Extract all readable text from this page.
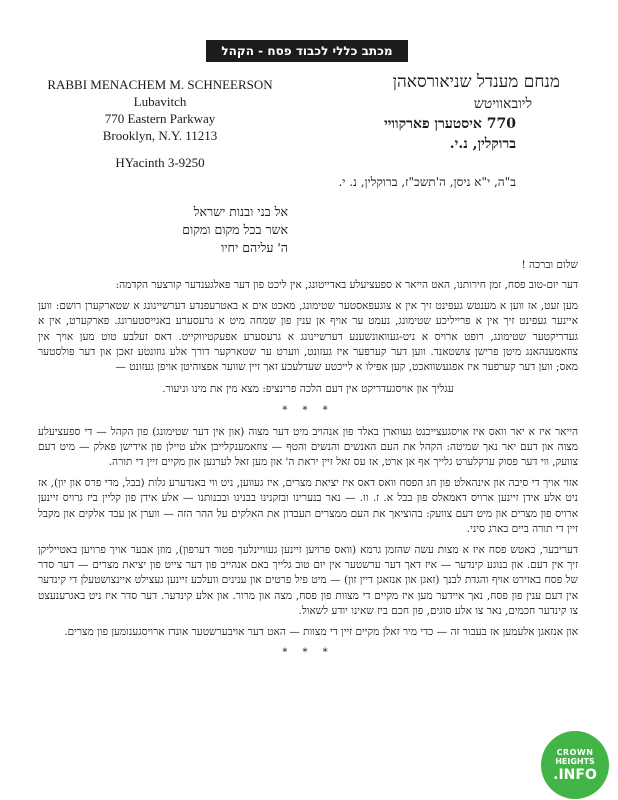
מכתב כללי לכבוד פסח - הקהל
RABBI MENACHEM M. SCHNEERSON
Lubavitch
770 Eastern Parkway
Brooklyn, N.Y. 11213
HYacinth 3-9250
מנחם מענדל שניאורסאהן
ליובאוויטש
770 איסטערן פארקוויי
ברוקלין, נ.י.
ב"ה, י"א ניסן, ה'תשכ"ז, ברוקלין, נ. י.
אל בני ובנות ישראל
אשר בכל מקום ומקום
ה' עליהם יחיו

שלום וברכה !

דער יום-טוב פסח, זמן חירותנו, האט הייאר א ספעציעלע באדייטונג, אין ליכט פון דער פאלגענדער קורצער הקדמה:

מען זעט, אז ווען א מענטש געפינט זיך אין א צוגעפאסטער שטימונג, מאכט אים א באטרעפנדע דערשיינונג א שטארקערן רושם: ווען איינער געפינט זיך אין א פרייליכע שטימונג, נעמט ער אויף אן ענין פון שמחה מיט א גרעסערע באגייסטערונג. פארקערט, אין א געדריקטער שטימונג, רופט ארויס א ניט-געוואונשענע דערשיינונג א גרעסערע אפעקטיווקייט. דאס זעלבע טוט מען אויך אין צוזאמענהאנג מיטן פרישן צושטאנד. ווען דער קערפער איז געזונט, ווערט ער שטארקער דורך אלע גוזונטע זאכן און דער פולסטער מאס; ווען דער קערפער איז אפגעשוואכט, קען אפילו א לייכטע שעדלעכע זאך זיין שווער אפצוהיטן אויפן געזונט —

עגליך און אויסגעדריקט אין דעם הלכה פרינציפ: מצא מין את מינו וניעור.

* * *

הייאר איז א יאר וואס איז אויסגעצייכנט געווארן באלד פון אנהויב מיט דער מצוה (און אין דער שטימונג) פון הקהל — די ספעציעלע מצוה און דעם יאר נאך שמיטה: הקהל את העם האנשים והנשים והטף — צוזאמענקלייבן אלע טיילן פון אידישן פאלק — מיט דעם צוועק, ווי דער פסוק ערקלערט גלייך אף אן ארט, אז עס זאל זיין יראת ה' און מען זאל לערנען און מקיים זיין די תורה.

אזוי אויך די סיבה און אינהאלט פון חג הפסח וואס דאס איז יציאת מצרים, איז געווען, ניט ווי באנדערע גלות (בבל, מדי פרס און יון), אז ניט אלע אידן זיינען ארויס דאמאלס פון בבל א. ז. וו. — נאר בנערינו ובזקנינו בבנינו ובבנותנו — אלע אידן פון קליין ביז גרויס זיינען ארויס פון מצרים און מיט דעם צוועק: בהוציאך את העם ממצרים תעבדון את האלקים על ההר הזה — ווערן אן עבד אלקים און מקבל זיין די תורה ביים בארג סיני.

דעריבער, כאטש פסח איז א מצות עשה שהזמן גרמא (וואס פרויען זיינען געוויינלעך פטור דערפון), מוזן אבער אויך פרויען באטייליקן זיך אין דעם. און בנוגע קינדער — איז דאך דער ערשטער אין יום טוב גלייך באם אנהייב פון דער צייט פון יציאת מצרים — דער סדר של פסח באזירט אויף והגדת לבנך (זאגן און אנזאגן דיין זון) — מיט פיל פרטים און ענינים וועלכע זיינען געצילט איינצושטעלן די קינדער אין דעם ענין פון פסח, נאך איידער מען איז מקיים די מצוות פון פסח, מצה און מרור. און אלע קינדער. דער סדר איז ניט באגרענעצט צו קינדער חכמים, נאר צו אלע סוגים, פון חכם ביז שאינו יודע לשאול.

און אנזאגן אלעמען אז בעבור זה — כדי מיר זאלן מקיים זיין די מצוות — האט דער אויבערשטער אונדז ארויסגענומען פון מצרים.

* * *
CROWN
HEIGHTS
.INFO
